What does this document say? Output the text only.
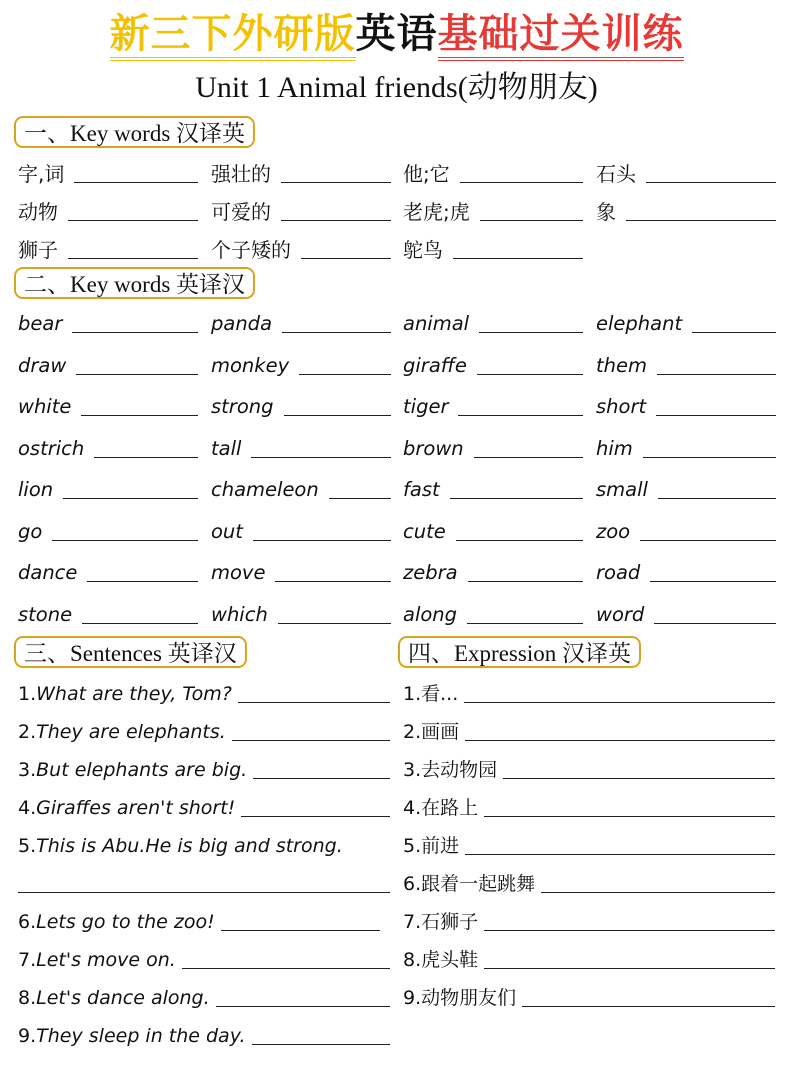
新三下外研版英语基础过关训练
Unit 1 Animal friends(动物朋友)
一、Key words 汉译英
字,词	强壮的	他;它	石头
动物	可爱的	老虎;虎	象
狮子	个子矮的	鸵鸟
二、Key words 英译汉
bear	panda	animal	elephant
draw	monkey	giraffe	them
white	strong	tiger	short
ostrich	tall	brown	him
lion	chameleon	fast	small
go	out	cute	zoo
dance	move	zebra	road
stone	which	along	word
三、Sentences 英译汉
1.What are they, Tom?
2.They are elephants.
3.But elephants are big.
4.Giraffes aren't short!
5.This is Abu.He is big and strong.
6.Lets go to the zoo!
7.Let's move on.
8.Let's dance along.
9.They sleep in the day.
四、Expression 汉译英
1.看...
2.画画
3.去动物园
4.在路上
5.前进
6.跟着一起跳舞
7.石狮子
8.虎头鞋
9.动物朋友们
